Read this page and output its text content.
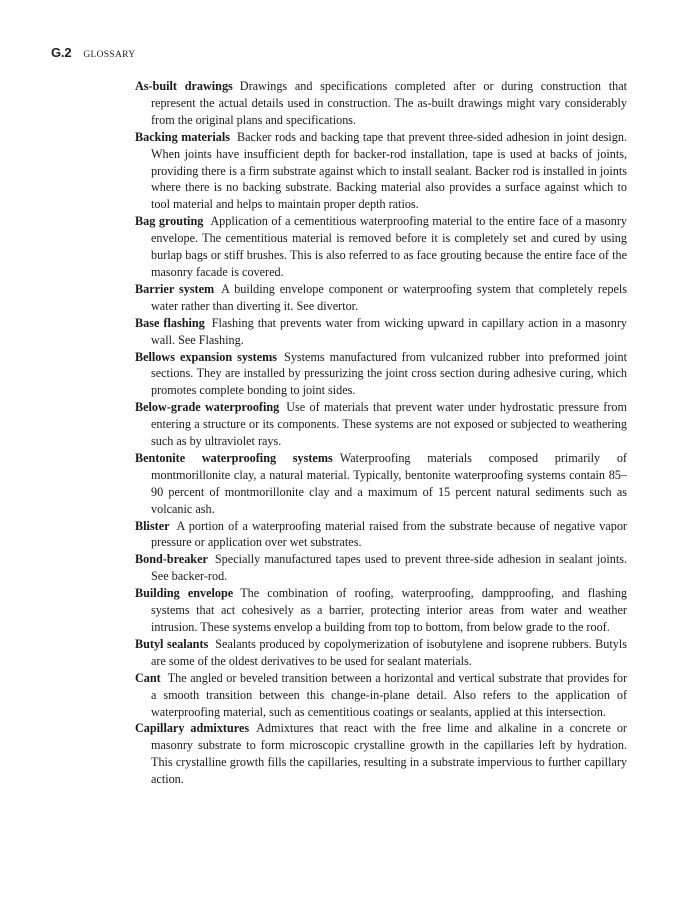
G.2 GLOSSARY

As-built drawings Drawings and specifications completed after or during construction that represent the actual details used in construction. The as-built drawings might vary considerably from the original plans and specifications.

Backing materials Backer rods and backing tape that prevent three-sided adhesion in joint design. When joints have insufficient depth for backer-rod installation, tape is used at backs of joints, providing there is a firm substrate against which to install sealant. Backer rod is installed in joints where there is no backing substrate. Backing material also provides a surface against which to tool material and helps to maintain proper depth ratios.

Bag grouting Application of a cementitious waterproofing material to the entire face of a masonry envelope. The cementitious material is removed before it is completely set and cured by using burlap bags or stiff brushes. This is also referred to as face grouting because the entire face of the masonry facade is covered.

Barrier system A building envelope component or waterproofing system that completely repels water rather than diverting it. See divertor.

Base flashing Flashing that prevents water from wicking upward in capillary action in a masonry wall. See Flashing.

Bellows expansion systems Systems manufactured from vulcanized rubber into preformed joint sections. They are installed by pressurizing the joint cross section during adhesive curing, which promotes complete bonding to joint sides.

Below-grade waterproofing Use of materials that prevent water under hydrostatic pressure from entering a structure or its components. These systems are not exposed or subjected to weathering such as by ultraviolet rays.

Bentonite waterproofing systems Waterproofing materials composed primarily of montmorillonite clay, a natural material. Typically, bentonite waterproofing systems contain 85–90 percent of montmorillonite clay and a maximum of 15 percent natural sediments such as volcanic ash.

Blister A portion of a waterproofing material raised from the substrate because of negative vapor pressure or application over wet substrates.

Bond-breaker Specially manufactured tapes used to prevent three-side adhesion in sealant joints. See backer-rod.

Building envelope The combination of roofing, waterproofing, dampproofing, and flashing systems that act cohesively as a barrier, protecting interior areas from water and weather intrusion. These systems envelop a building from top to bottom, from below grade to the roof.

Butyl sealants Sealants produced by copolymerization of isobutylene and isoprene rubbers. Butyls are some of the oldest derivatives to be used for sealant materials.

Cant The angled or beveled transition between a horizontal and vertical substrate that provides for a smooth transition between this change-in-plane detail. Also refers to the application of waterproofing material, such as cementitious coatings or sealants, applied at this intersection.

Capillary admixtures Admixtures that react with the free lime and alkaline in a concrete or masonry substrate to form microscopic crystalline growth in the capillaries left by hydration. This crystalline growth fills the capillaries, resulting in a substrate impervious to further capillary action.
